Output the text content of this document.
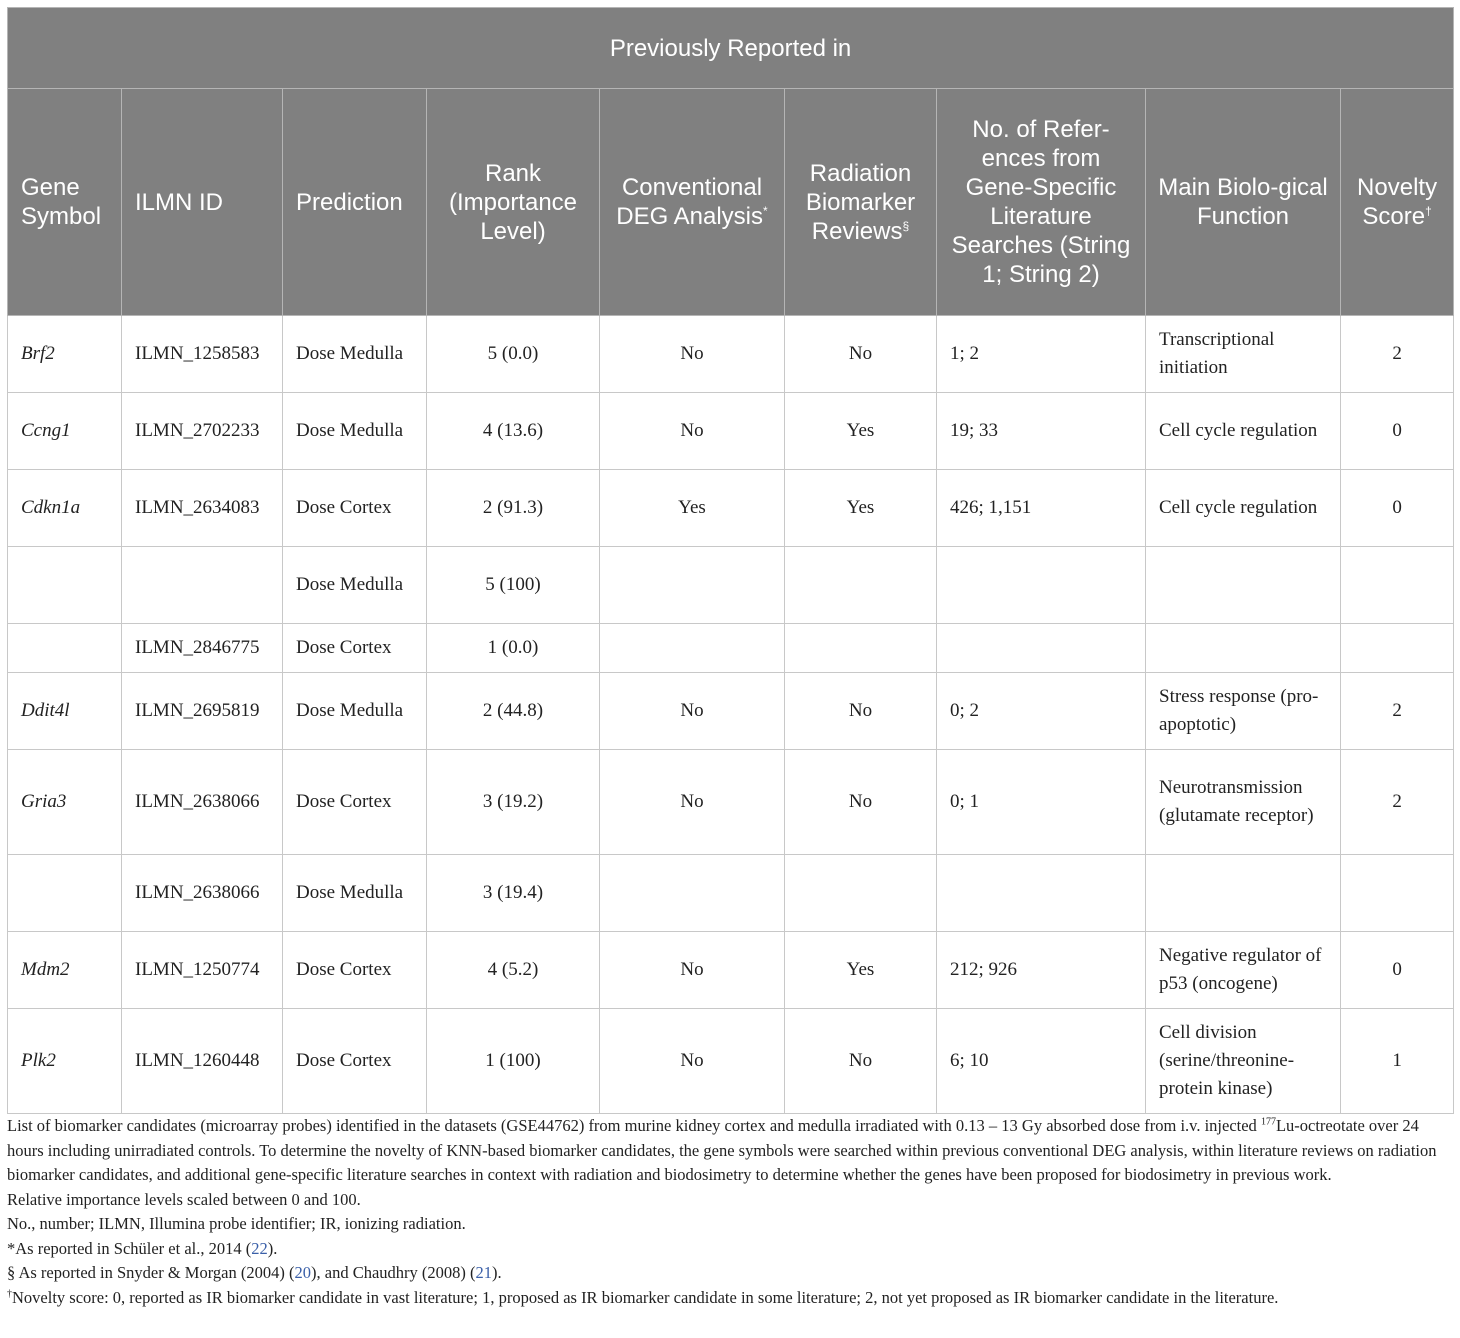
Previously Reported in								
Gene Symbol	ILMN ID	Prediction	Rank (Importance Level)	Conventional DEG Analysis*	Radiation Biomarker Reviews§	No. of Refer-ences from Gene-Specific Literature Searches (String 1; String 2)	Main Biolo-gical Function	Novelty Score†
Brf2	ILMN_1258583	Dose Medulla	5 (0.0)	No	No	1; 2	Transcriptional initiation	2
Ccng1	ILMN_2702233	Dose Medulla	4 (13.6)	No	Yes	19; 33	Cell cycle regulation	0
Cdkn1a	ILMN_2634083	Dose Cortex	2 (91.3)	Yes	Yes	426; 1,151	Cell cycle regulation	0
		Dose Medulla	5 (100)					
	ILMN_2846775	Dose Cortex	1 (0.0)					
Ddit4l	ILMN_2695819	Dose Medulla	2 (44.8)	No	No	0; 2	Stress response (pro-apoptotic)	2
Gria3	ILMN_2638066	Dose Cortex	3 (19.2)	No	No	0; 1	Neurotransmission (glutamate receptor)	2
	ILMN_2638066	Dose Medulla	3 (19.4)					
Mdm2	ILMN_1250774	Dose Cortex	4 (5.2)	No	Yes	212; 926	Negative regulator of p53 (oncogene)	0
Plk2	ILMN_1260448	Dose Cortex	1 (100)	No	No	6; 10	Cell division (serine/threonine-protein kinase)	1

List of biomarker candidates (microarray probes) identified in the datasets (GSE44762) from murine kidney cortex and medulla irradiated with 0.13 – 13 Gy absorbed dose from i.v. injected $^{177}$Lu-octreotate over 24 hours including unirradiated controls. To determine the novelty of KNN-based biomarker candidates, the gene symbols were searched within previous conventional DEG analysis, within literature reviews on radiation biomarker candidates, and additional gene-specific literature searches in context with radiation and biodosimetry to determine whether the genes have been proposed for biodosimetry in previous work.

Relative importance levels scaled between 0 and 100.

No., number; ILMN, Illumina probe identifier; IR, ionizing radiation.

*As reported in Schüler et al., 2014 (22).

§ As reported in Snyder & Morgan (2004) (20), and Chaudhry (2008) (21).

†Novelty score: 0, reported as IR biomarker candidate in vast literature; 1, proposed as IR biomarker candidate in some literature; 2, not yet proposed as IR biomarker candidate in the literature.
